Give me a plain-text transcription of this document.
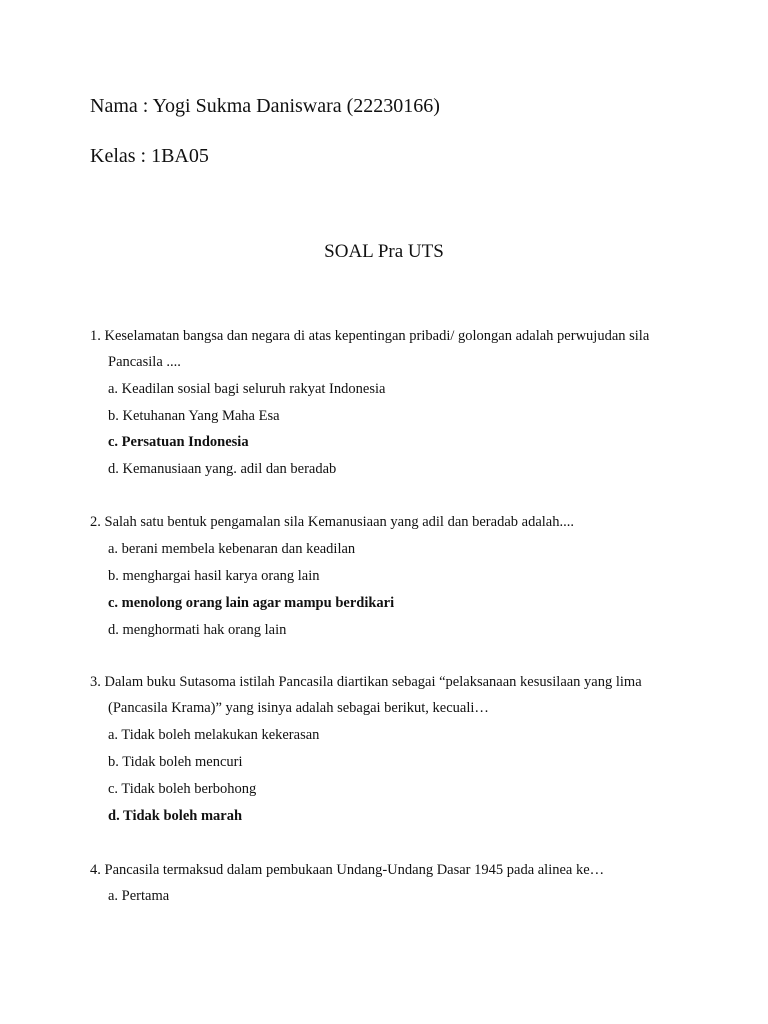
Nama : Yogi Sukma Daniswara (22230166)
Kelas : 1BA05
SOAL Pra UTS
1. Keselamatan bangsa dan negara di atas kepentingan pribadi/ golongan adalah perwujudan sila
Pancasila ....
a. Keadilan sosial bagi seluruh rakyat Indonesia
b. Ketuhanan Yang Maha Esa
c. Persatuan Indonesia
d. Kemanusiaan yang. adil dan beradab
2. Salah satu bentuk pengamalan sila Kemanusiaan yang adil dan beradab adalah....
a. berani membela kebenaran dan keadilan
b. menghargai hasil karya orang lain
c. menolong orang lain agar mampu berdikari
d. menghormati hak orang lain
3. Dalam buku Sutasoma istilah Pancasila diartikan sebagai “pelaksanaan kesusilaan yang lima
(Pancasila Krama)” yang isinya adalah sebagai berikut, kecuali…
a. Tidak boleh melakukan kekerasan
b. Tidak boleh mencuri
c. Tidak boleh berbohong
d. Tidak boleh marah
4. Pancasila termaksud dalam pembukaan Undang-Undang Dasar 1945 pada alinea ke…
a. Pertama
